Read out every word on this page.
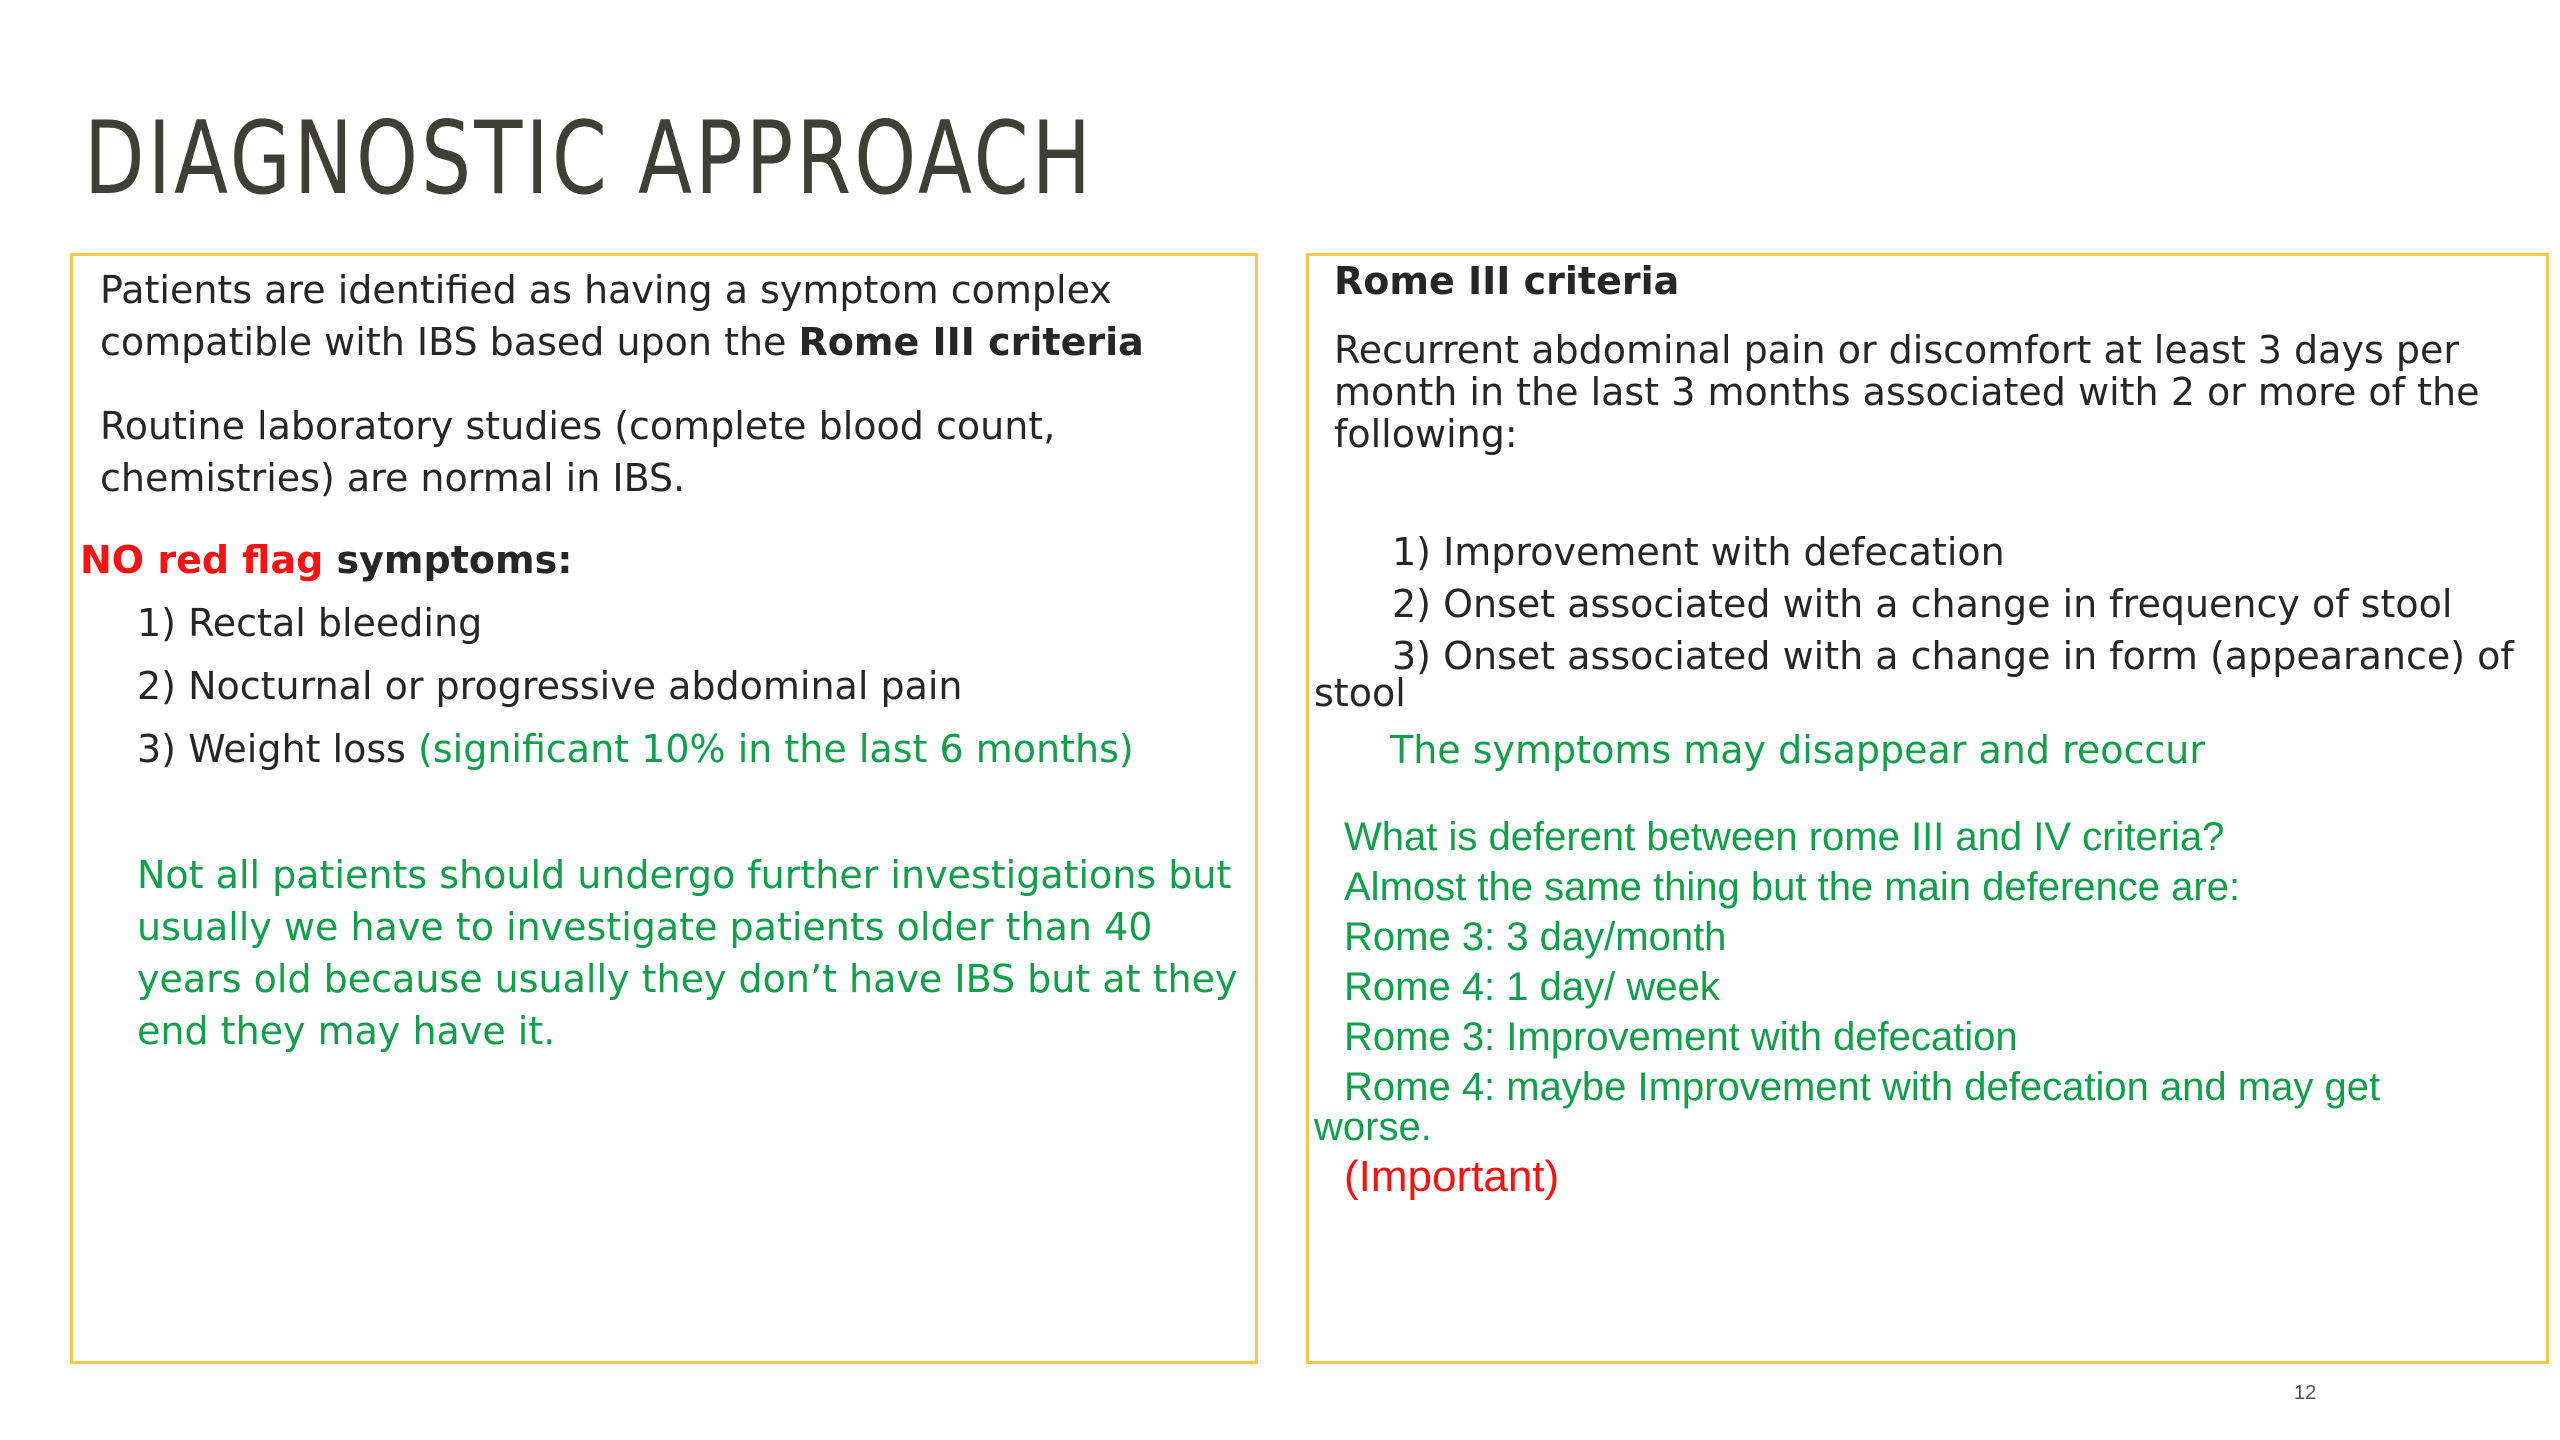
DIAGNOSTIC APPROACH

Patients are identified as having a symptom complex

compatible with IBS based upon the Rome III criteria

Routine laboratory studies (complete blood count,

chemistries) are normal in IBS.

NO red flag symptoms:

1) Rectal bleeding

2) Nocturnal or progressive abdominal pain

3) Weight loss (significant 10% in the last 6 months)

Not all patients should undergo further investigations but

usually we have to investigate patients older than 40

years old because usually they don’t have IBS but at they

end they may have it.

Rome III criteria

Recurrent abdominal pain or discomfort at least 3 days per

month in the last 3 months associated with 2 or more of the

following:

1) Improvement with defecation

2) Onset associated with a change in frequency of stool

3) Onset associated with a change in form (appearance) of

stool

The symptoms may disappear and reoccur

What is deferent between rome III and IV criteria?

Almost the same thing but the main deference are:

Rome 3: 3 day/month

Rome 4: 1 day/ week

Rome 3: Improvement with defecation

Rome 4: maybe Improvement with defecation and may get

worse.

(Important)

12
